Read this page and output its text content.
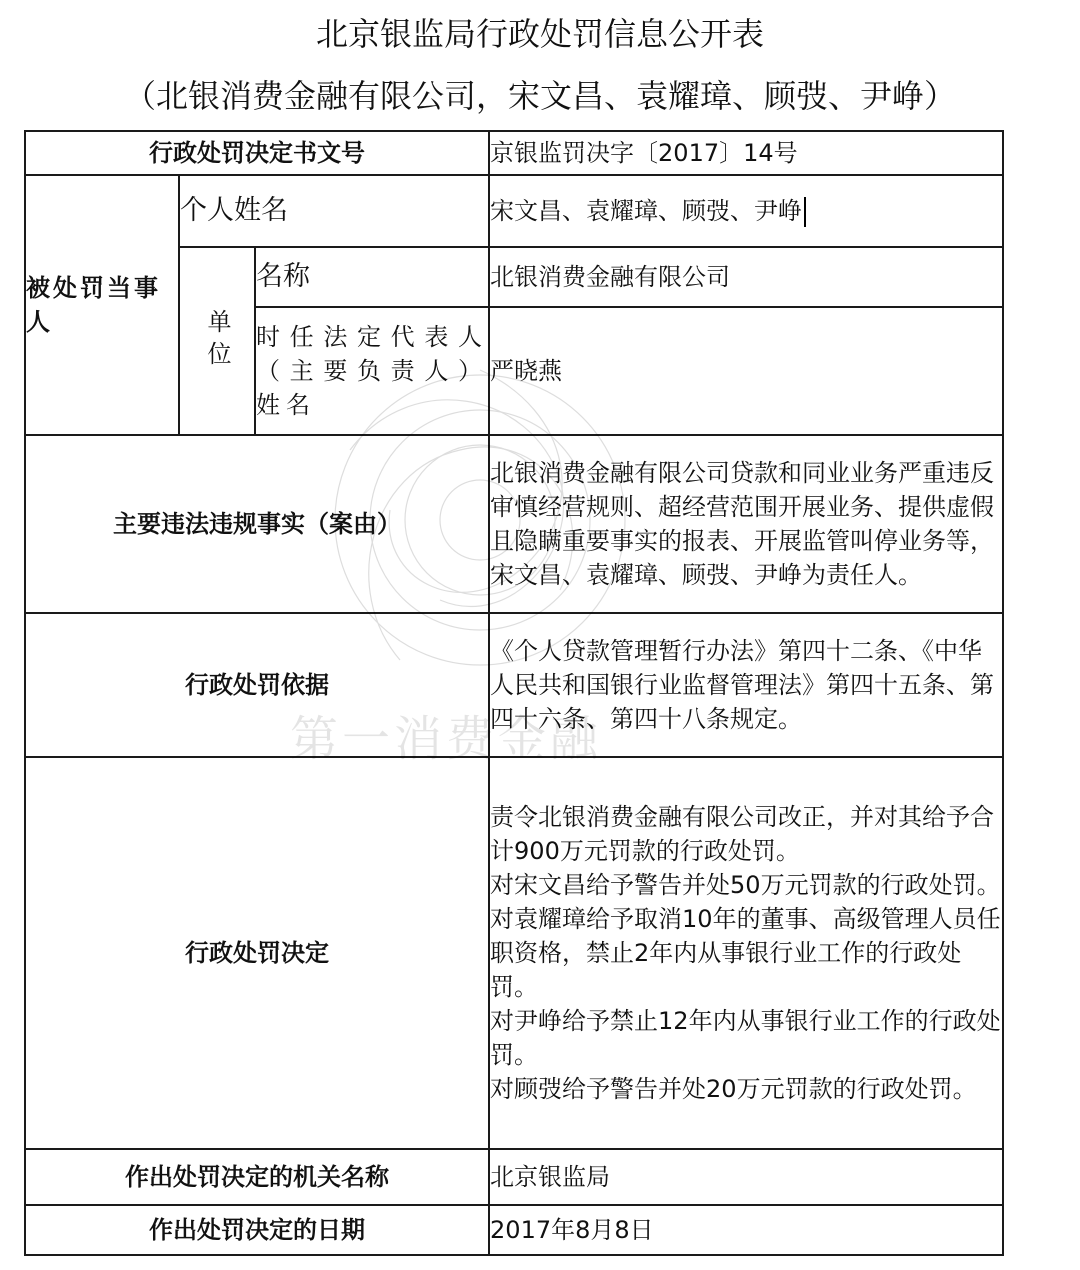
北京银监局行政处罚信息公开表
（北银消费金融有限公司，宋文昌、袁耀璋、顾弢、尹峥）
行政处罚决定书文号			京银监罚决字〔2017〕14号
被处罚当事人	个人姓名		宋文昌、袁耀璋、顾弢、尹峥
	单位	名称	北银消费金融有限公司
		时任法定代表人（主要负责人）姓名	严晓燕
主要违法违规事实（案由）			北银消费金融有限公司贷款和同业业务严重违反审慎经营规则、超经营范围开展业务、提供虚假且隐瞒重要事实的报表、开展监管叫停业务等，宋文昌、袁耀璋、顾弢、尹峥为责任人。
行政处罚依据			《个人贷款管理暂行办法》第四十二条、《中华人民共和国银行业监督管理法》第四十五条、第四十六条、第四十八条规定。
行政处罚决定			责令北银消费金融有限公司改正，并对其给予合计900万元罚款的行政处罚。
对宋文昌给予警告并处50万元罚款的行政处罚。
对袁耀璋给予取消10年的董事、高级管理人员任职资格，禁止2年内从事银行业工作的行政处罚。
对尹峥给予禁止12年内从事银行业工作的行政处罚。
对顾弢给予警告并处20万元罚款的行政处罚。

作出处罚决定的机关名称			北京银监局
作出处罚决定的日期			2017年8月8日
第一消费金融
